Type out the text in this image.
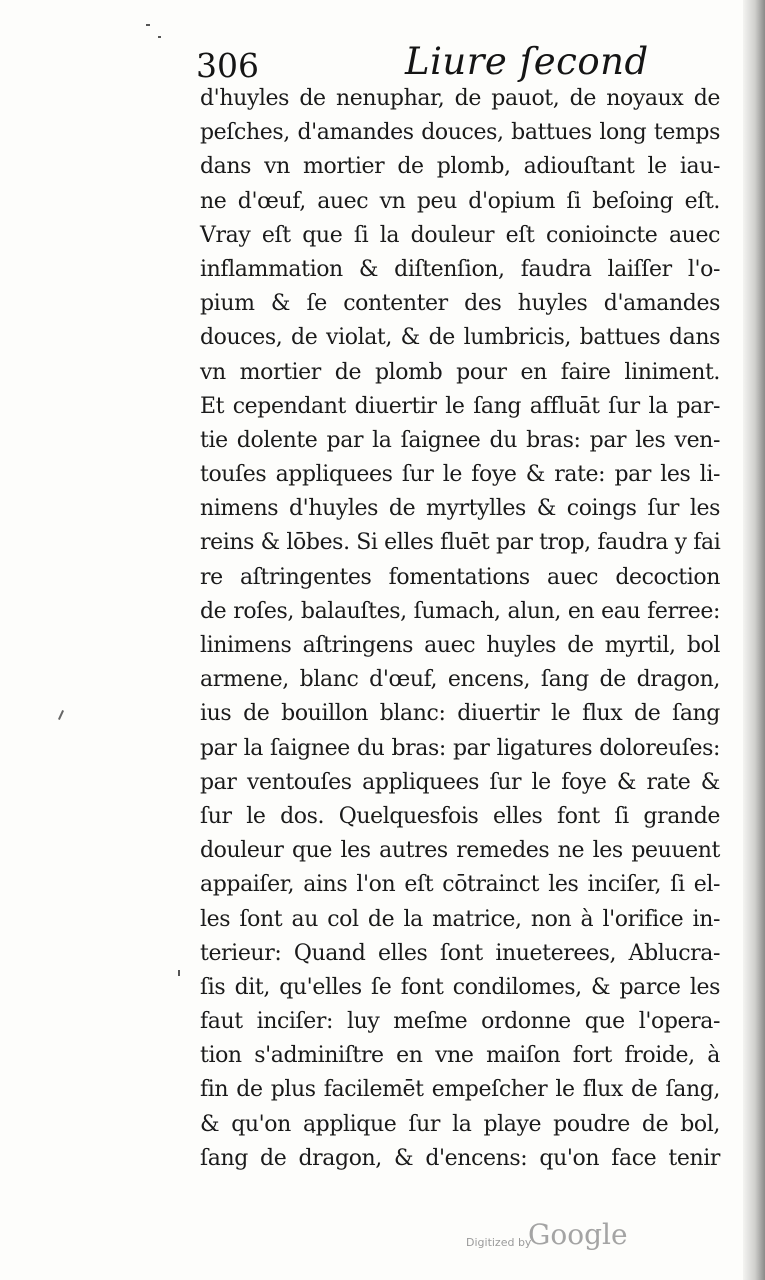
306	Liure ſecond
d'huyles de nenuphar, de pauot, de noyaux de
peſches, d'amandes douces, battues long temps
dans vn mortier de plomb, adiouſtant le iau-
ne d'œuf, auec vn peu d'opium ſi beſoing eſt.
Vray eſt que ſi la douleur eſt conioincte auec
inflammation & diſtenſion, faudra laiſſer l'o-
pium & ſe contenter des huyles d'amandes
douces, de violat, & de lumbricis, battues dans
vn mortier de plomb pour en faire liniment.
Et cependant diuertir le ſang affluāt ſur la par-
tie dolente par la ſaignee du bras: par les ven-
touſes appliquees ſur le foye & rate: par les li-
nimens d'huyles de myrtylles & coings ſur les
reins & lōbes. Si elles fluēt par trop, faudra y fai
re aſtringentes fomentations auec decoction
de roſes, balauſtes, ſumach, alun, en eau ferree:
linimens aſtringens auec huyles de myrtil, bol
armene, blanc d'œuf, encens, ſang de dragon,
ius de bouillon blanc: diuertir le flux de ſang
par la ſaignee du bras: par ligatures doloreuſes:
par ventouſes appliquees ſur le foye & rate &
ſur le dos. Quelquesfois elles font ſi grande
douleur que les autres remedes ne les peuuent
appaiſer, ains l'on eſt cōtrainct les inciſer, ſi el-
les ſont au col de la matrice, non à l'orifice in-
terieur: Quand elles ſont inueterees, Ablucra-
ſis dit, qu'elles ſe font condilomes, & parce les
faut inciſer: luy meſme ordonne que l'opera-
tion s'adminiſtre en vne maiſon fort froide, à
fin de plus facilemēt empeſcher le flux de ſang,
& qu'on applique ſur la playe poudre de bol,
ſang de dragon, & d'encens: qu'on face tenir
Digitized by
Google
